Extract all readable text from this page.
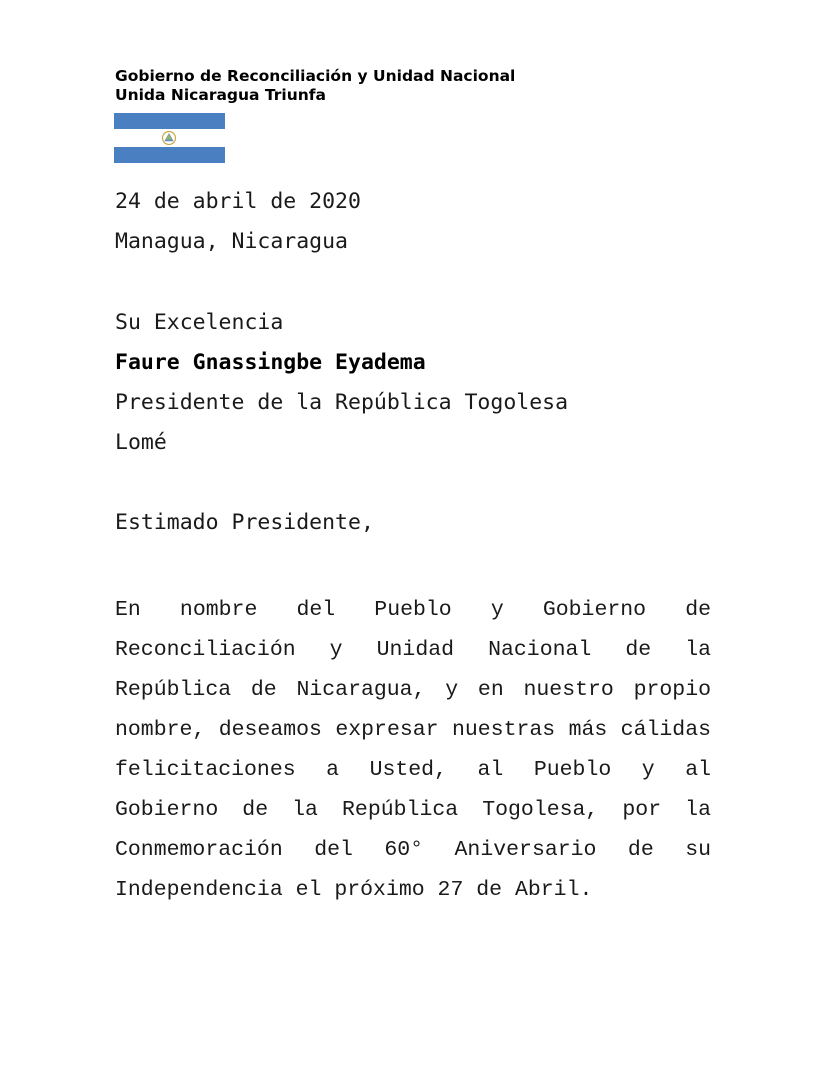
Gobierno de Reconciliación y Unidad Nacional
Unida Nicaragua Triunfa
24 de abril de 2020
Managua, Nicaragua
Su Excelencia
Faure Gnassingbe Eyadema
Presidente de la República Togolesa
Lomé
Estimado Presidente,
En nombre del Pueblo y Gobierno de Reconciliación y Unidad Nacional de la República de Nicaragua, y en nuestro propio nombre, deseamos expresar nuestras más cálidas felicitaciones a Usted, al Pueblo y al Gobierno de la República Togolesa, por la Conmemoración del 60° Aniversario de su Independencia el próximo 27 de Abril.
